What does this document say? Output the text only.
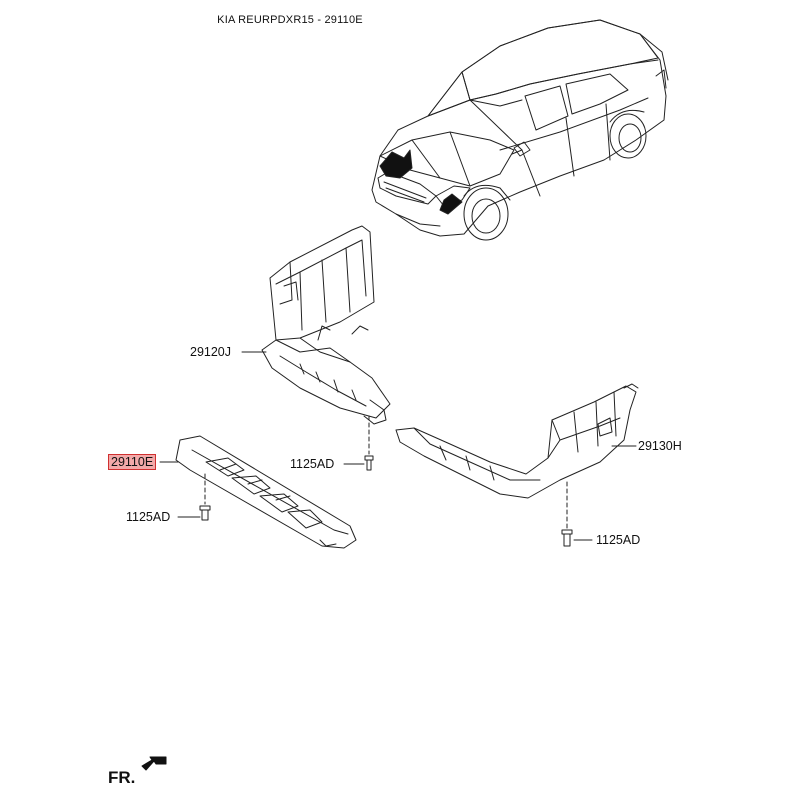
KIA REURPDXR15 - 29110E
29120J
29130H
29110E	1125AD
1125AD
1125AD
FR.
